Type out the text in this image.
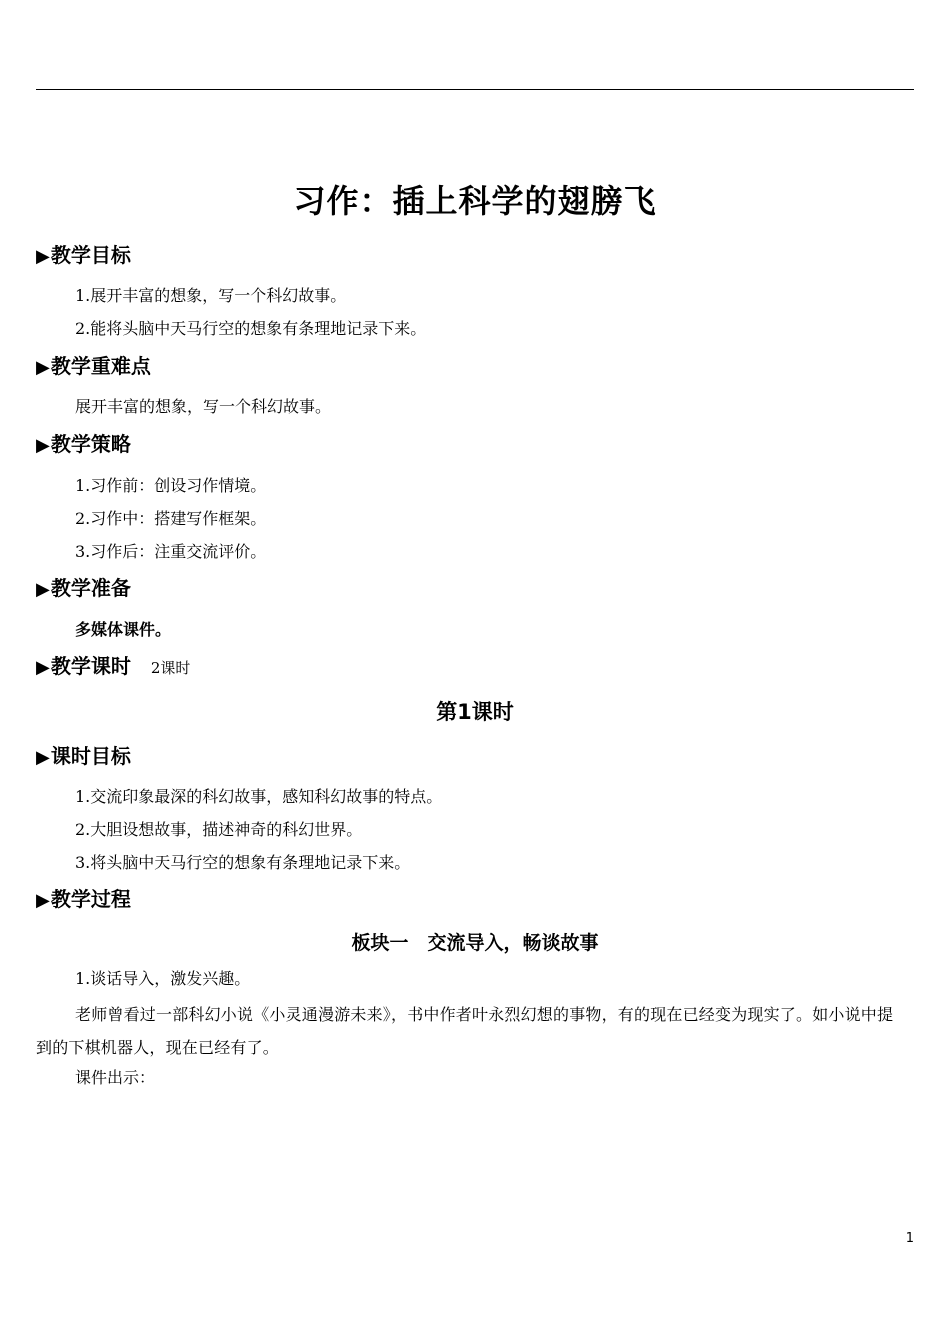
习作：插上科学的翅膀飞
▶教学目标
1.展开丰富的想象，写一个科幻故事。
2.能将头脑中天马行空的想象有条理地记录下来。
▶教学重难点
展开丰富的想象，写一个科幻故事。
▶教学策略
1.习作前：创设习作情境。
2.习作中：搭建写作框架。
3.习作后：注重交流评价。
▶教学准备
多媒体课件。
▶教学课时 2课时
第1课时
▶课时目标
1.交流印象最深的科幻故事，感知科幻故事的特点。
2.大胆设想故事，描述神奇的科幻世界。
3.将头脑中天马行空的想象有条理地记录下来。
▶教学过程
板块一　交流导入，畅谈故事
1.谈话导入，激发兴趣。
老师曾看过一部科幻小说《小灵通漫游未来》，书中作者叶永烈幻想的事物，有的现在已经变为现实了。如小说中提到的下棋机器人，现在已经有了。
课件出示：
1
